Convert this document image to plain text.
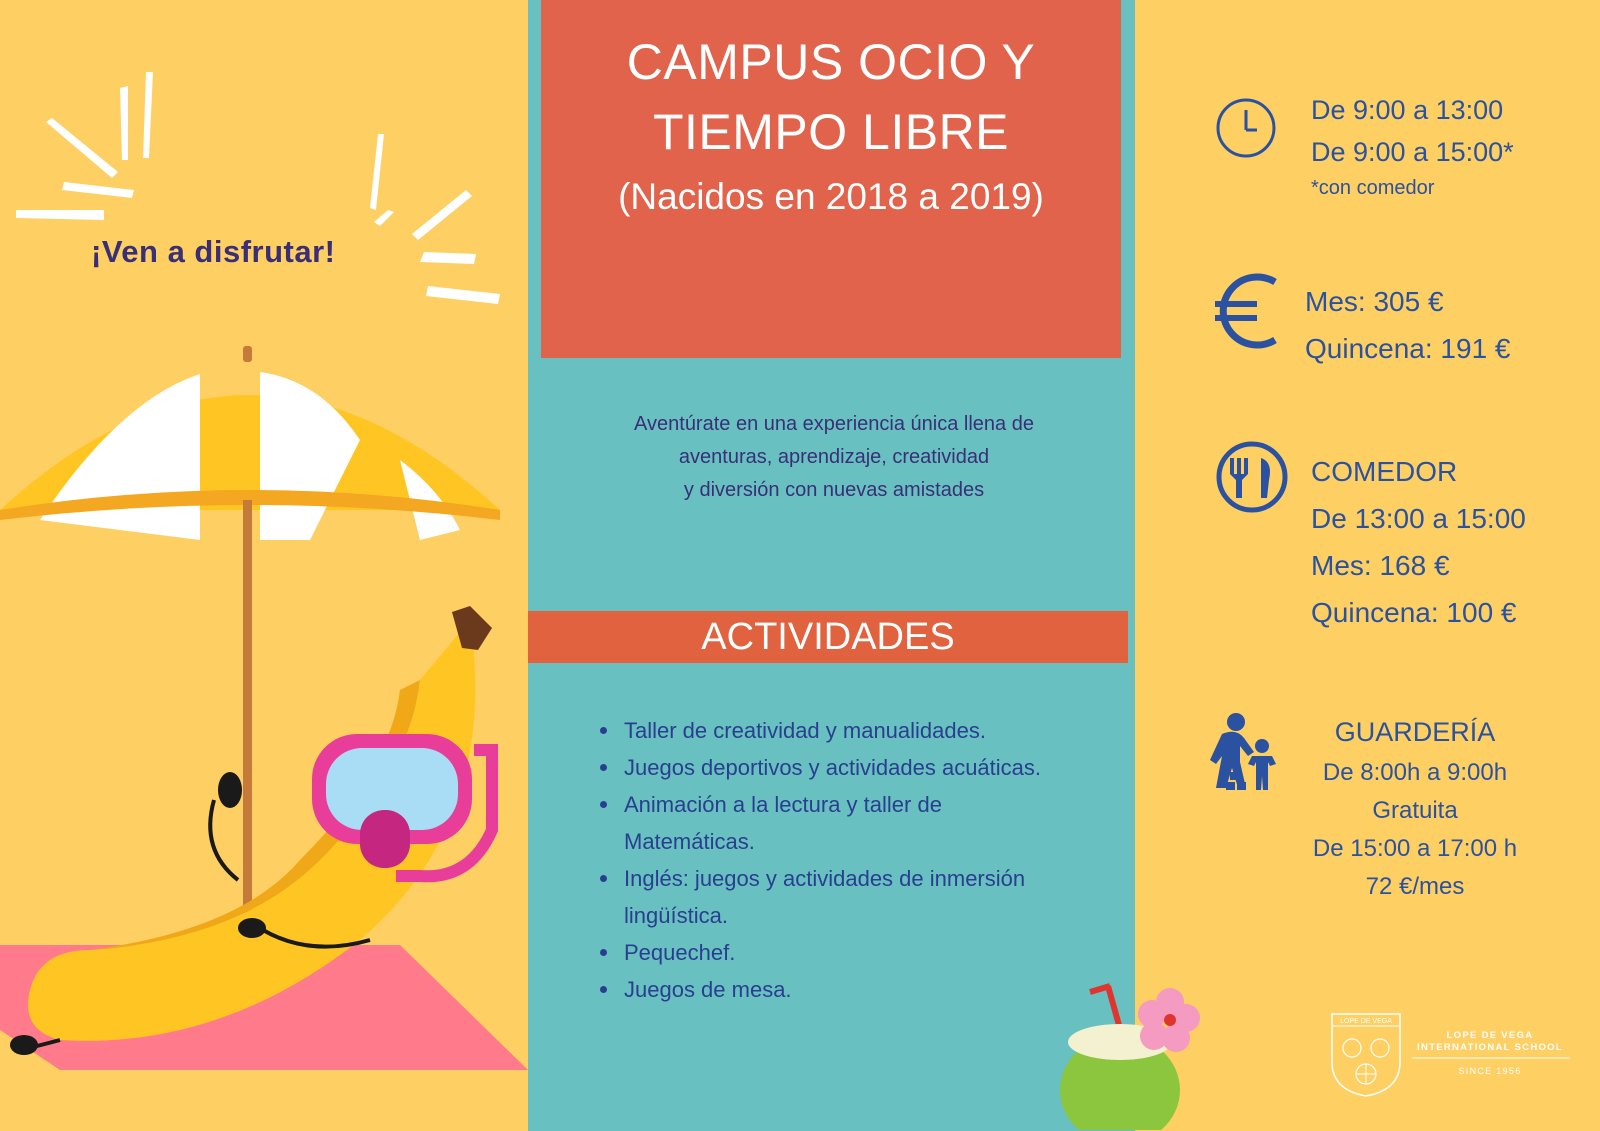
¡Ven a disfrutar!
CAMPUS OCIO Y
TIEMPO LIBRE
(Nacidos en 2018 a 2019)
Aventúrate en una experiencia única llena de
aventuras, aprendizaje, creatividad
y diversión con nuevas amistades
ACTIVIDADES
Taller de creatividad y manualidades.
Juegos deportivos y actividades acuáticas.
Animación a la lectura y taller de
Matemáticas.
Inglés: juegos y actividades de inmersión
lingüística.
Pequechef.
Juegos de mesa.
De 9:00 a 13:00
De 9:00 a 15:00*
*con comedor
Mes: 305 €
Quincena: 191 €
COMEDOR
De 13:00 a 15:00
Mes: 168 €
Quincena: 100 €
GUARDERÍA
De 8:00h a 9:00h
Gratuita
De 15:00 a 17:00 h
72 €/mes
LOPE DE VEGA
LOPE DE VEGA
INTERNATIONAL SCHOOL
SINCE 1956
